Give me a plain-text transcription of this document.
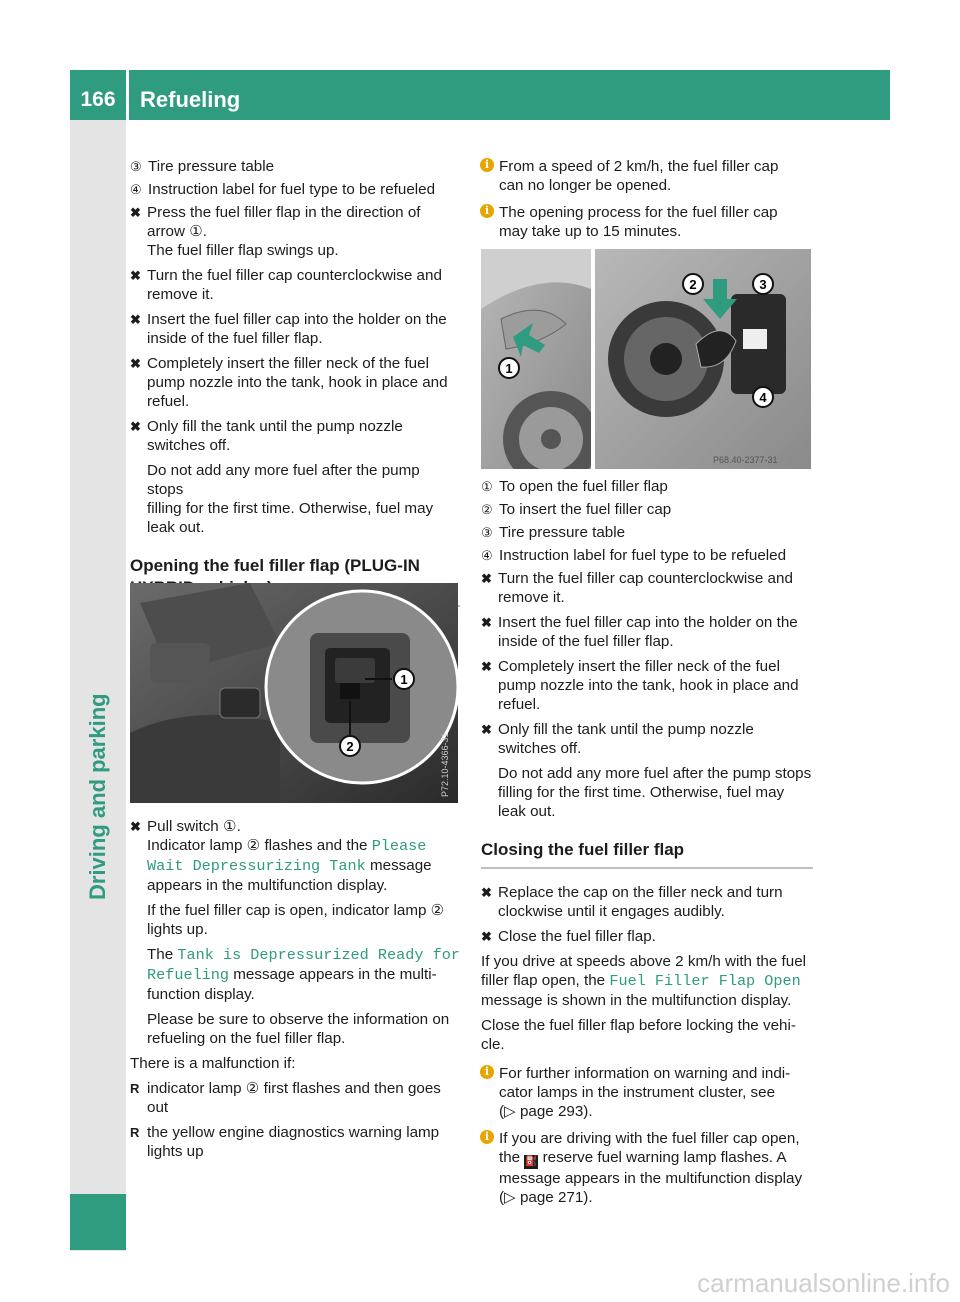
166	Refueling
Driving and parking
③ Tire pressure table
④ Instruction label for fuel type to be refueled
✖ Press the fuel filler flap in the direction of
arrow ①.
The fuel filler flap swings up.
✖ Turn the fuel filler cap counterclockwise and
remove it.
✖ Insert the fuel filler cap into the holder on the
inside of the fuel filler flap.
✖ Completely insert the filler neck of the fuel
pump nozzle into the tank, hook in place and
refuel.
✖ Only fill the tank until the pump nozzle
switches off.
Do not add any more fuel after the pump stops
filling for the first time. Otherwise, fuel may
leak out.
Opening the fuel filler flap (PLUG-IN
1
2	P72.10-4366-31
✖ Pull switch ①.
Indicator lamp ② flashes and the Please
Wait Depressurizing Tank message
appears in the multifunction display.
If the fuel filler cap is open, indicator lamp ②
lights up.
The Tank is Depressurized Ready for
Refueling message appears in the multi-
function display.
Please be sure to observe the information on
refueling on the fuel filler flap.
There is a malfunction if:
R indicator lamp ② first flashes and then goes
out
R the yellow engine diagnostics warning lamp
lights up
i From a speed of 2 km/h, the fuel filler cap
can no longer be opened.
i The opening process for the fuel filler cap
may take up to 15 minutes.
1
2	3
4
P68.40-2377-31
① To open the fuel filler flap
② To insert the fuel filler cap
③ Tire pressure table
④ Instruction label for fuel type to be refueled
✖ Turn the fuel filler cap counterclockwise and
remove it.
✖ Insert the fuel filler cap into the holder on the
inside of the fuel filler flap.
✖ Completely insert the filler neck of the fuel
pump nozzle into the tank, hook in place and
refuel.
✖ Only fill the tank until the pump nozzle
switches off.
Do not add any more fuel after the pump stops
filling for the first time. Otherwise, fuel may
leak out.
Closing the fuel filler flap
✖ Replace the cap on the filler neck and turn
clockwise until it engages audibly.
✖ Close the fuel filler flap.
If you drive at speeds above 2 km/h with the fuel
filler flap open, the Fuel Filler Flap Open
message is shown in the multifunction display.
Close the fuel filler flap before locking the vehi-
cle.
i For further information on warning and indi-
cator lamps in the instrument cluster, see
(▷ page 293).
i If you are driving with the fuel filler cap open,
the ⛽ reserve fuel warning lamp flashes. A
message appears in the multifunction display
(▷ page 271).
carmanualsonline.info
